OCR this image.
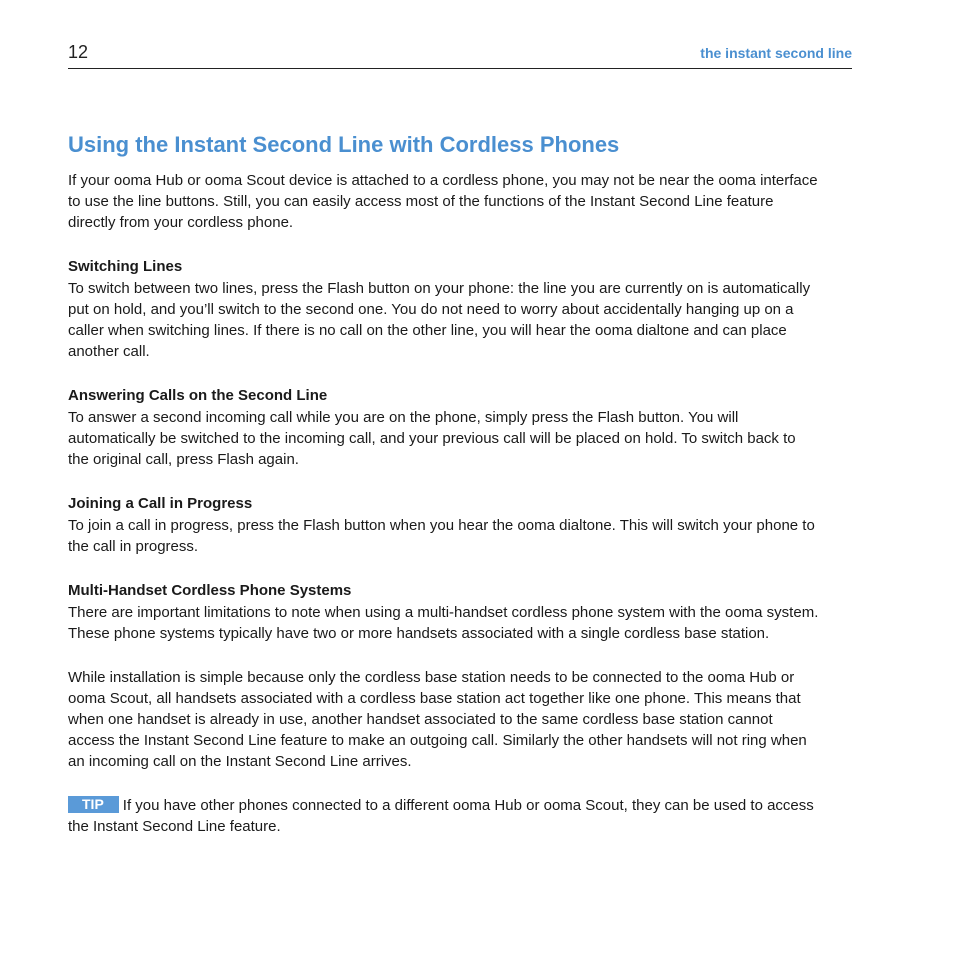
12	the instant second line
Using the Instant Second Line with Cordless Phones

If your ooma Hub or ooma Scout device is attached to a cordless phone, you may not be near the ooma interface to use the line buttons. Still, you can easily access most of the functions of the Instant Second Line feature directly from your cordless phone.

Switching Lines

To switch between two lines, press the Flash button on your phone: the line you are currently on is automatically put on hold, and you’ll switch to the second one. You do not need to worry about accidentally hanging up on a caller when switching lines. If there is no call on the other line, you will hear the ooma dialtone and can place another call.

Answering Calls on the Second Line

To answer a second incoming call while you are on the phone, simply press the Flash button. You will automatically be switched to the incoming call, and your previous call will be placed on hold. To switch back to the original call, press Flash again.

Joining a Call in Progress

To join a call in progress, press the Flash button when you hear the ooma dialtone. This will switch your phone to the call in progress.

Multi-Handset Cordless Phone Systems

There are important limitations to note when using a multi-handset cordless phone system with the ooma system. These phone systems typically have two or more handsets associated with a single cordless base station.

While installation is simple because only the cordless base station needs to be connected to the ooma Hub or ooma Scout, all handsets associated with a cordless base station act together like one phone. This means that when one handset is already in use, another handset associated to the same cordless base station cannot access the Instant Second Line feature to make an outgoing call. Similarly the other handsets will not ring when an incoming call on the Instant Second Line arrives.

TIP If you have other phones connected to a different ooma Hub or ooma Scout, they can be used to access the Instant Second Line feature.
